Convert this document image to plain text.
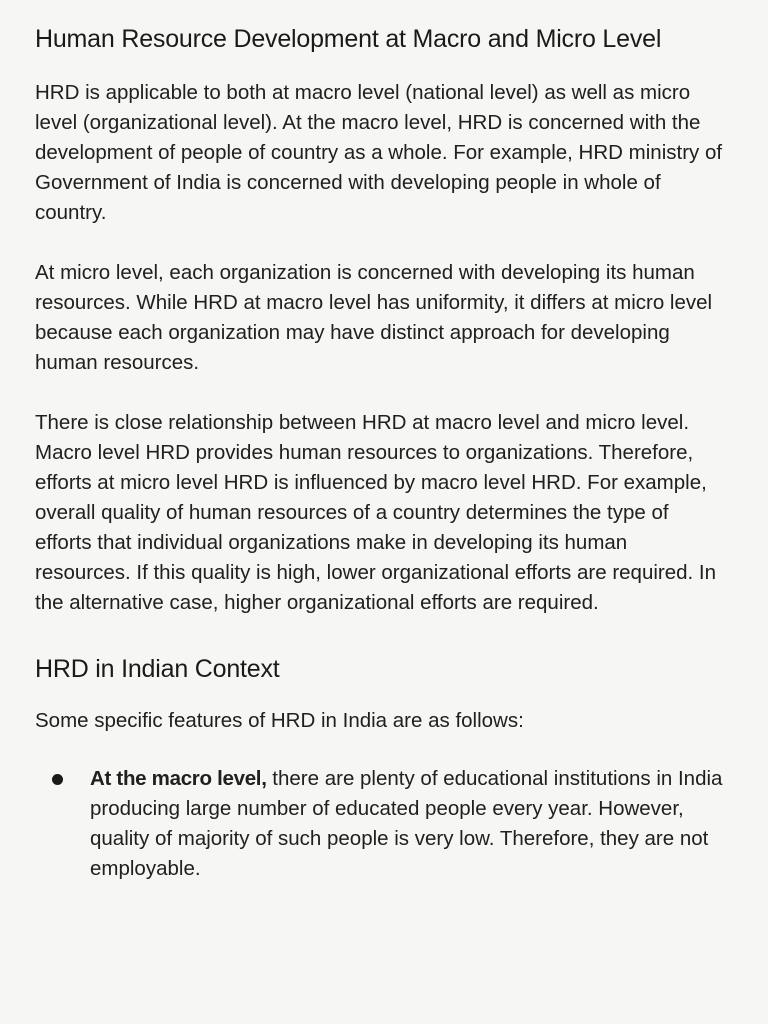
Human Resource Development at Macro and Micro Level

HRD is applicable to both at macro level (national level) as well as micro level (organizational level). At the macro level, HRD is concerned with the development of people of country as a whole. For example, HRD ministry of Government of India is concerned with developing people in whole of country.

At micro level, each organization is concerned with developing its human resources. While HRD at macro level has uniformity, it differs at micro level because each organization may have distinct approach for developing human resources.

There is close relationship between HRD at macro level and micro level. Macro level HRD provides human resources to organizations. Therefore, efforts at micro level HRD is influenced by macro level HRD. For example, overall quality of human resources of a country determines the type of efforts that individual organizations make in developing its human resources. If this quality is high, lower organizational efforts are required. In the alternative case, higher organizational efforts are required.

HRD in Indian Context

Some specific features of HRD in India are as follows:

At the macro level, there are plenty of educational institutions in India producing large number of educated people every year. However, quality of majority of such people is very low. Therefore, they are not employable.
